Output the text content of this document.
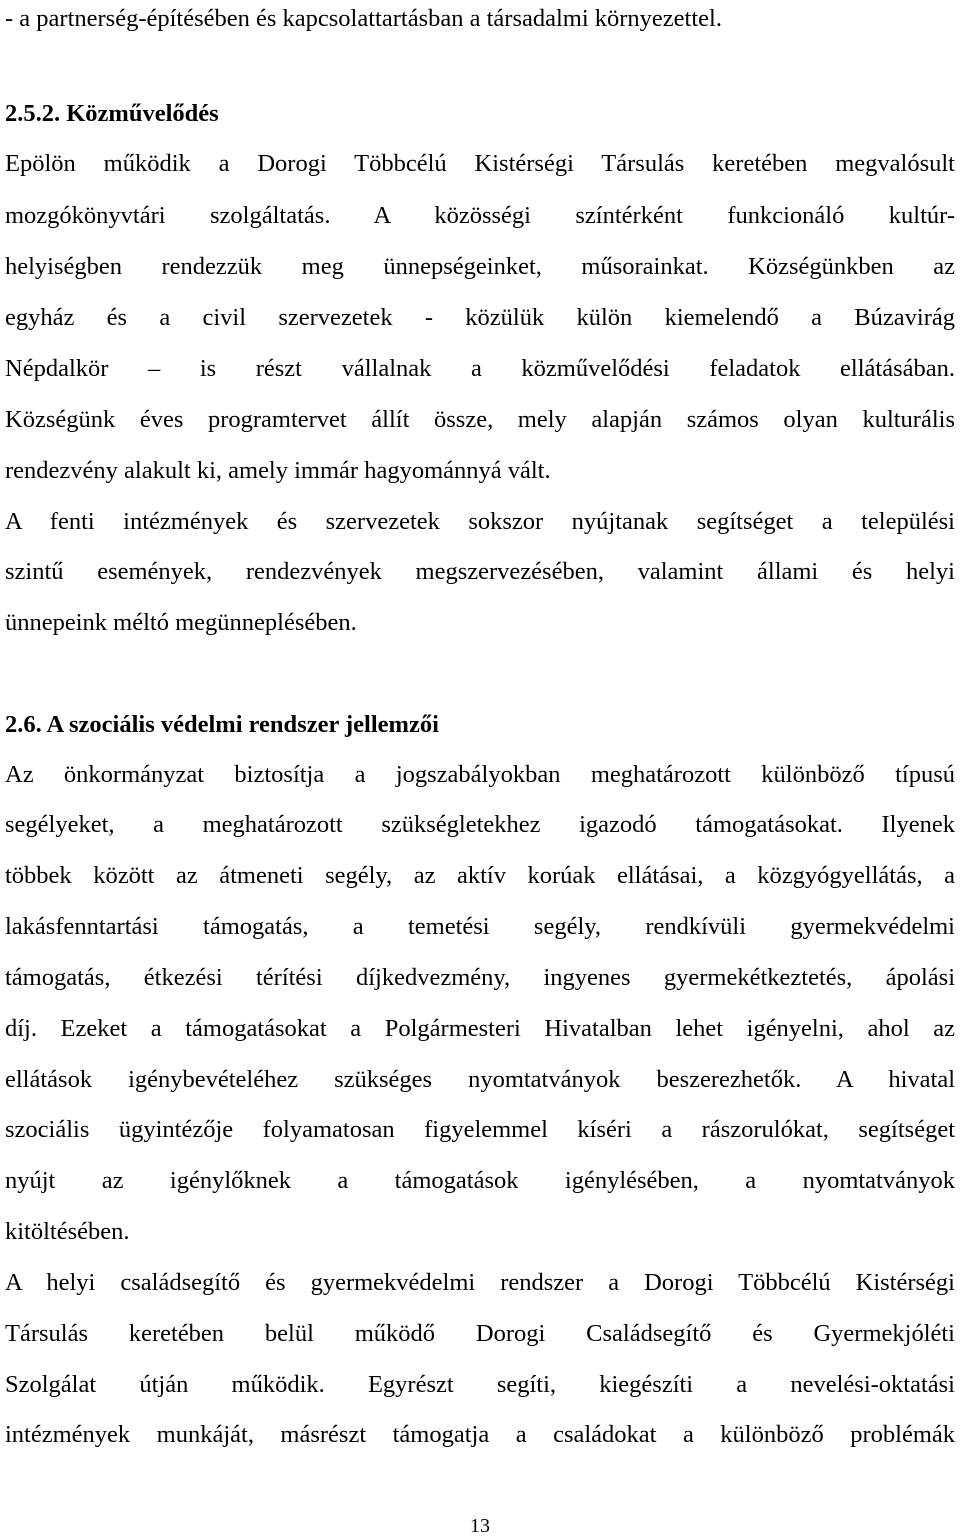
- a partnerség-építésében és kapcsolattartásban a társadalmi környezettel.
2.5.2. Közművelődés
Epölön működik a Dorogi Többcélú Kistérségi Társulás keretében megvalósult
mozgókönyvtári szolgáltatás. A közösségi színtérként funkcionáló kultúr-
helyiségben rendezzük meg ünnepségeinket, műsorainkat. Községünkben az
egyház és a civil szervezetek - közülük külön kiemelendő a Búzavirág
Népdalkör – is részt vállalnak a közművelődési feladatok ellátásában.
Községünk éves programtervet állít össze, mely alapján számos olyan kulturális
rendezvény alakult ki, amely immár hagyománnyá vált.
A fenti intézmények és szervezetek sokszor nyújtanak segítséget a települési
szintű események, rendezvények megszervezésében, valamint állami és helyi
ünnepeink méltó megünneplésében.
2.6. A szociális védelmi rendszer jellemzői
Az önkormányzat biztosítja a jogszabályokban meghatározott különböző típusú
segélyeket, a meghatározott szükségletekhez igazodó támogatásokat. Ilyenek
többek között az átmeneti segély, az aktív korúak ellátásai, a közgyógyellátás, a
lakásfenntartási támogatás, a temetési segély, rendkívüli gyermekvédelmi
támogatás, étkezési térítési díjkedvezmény, ingyenes gyermekétkeztetés, ápolási
díj. Ezeket a támogatásokat a Polgármesteri Hivatalban lehet igényelni, ahol az
ellátások igénybevételéhez szükséges nyomtatványok beszerezhetők. A hivatal
szociális ügyintézője folyamatosan figyelemmel kíséri a rászorulókat, segítséget
nyújt az igénylőknek a támogatások igénylésében, a nyomtatványok
kitöltésében.
A helyi családsegítő és gyermekvédelmi rendszer a Dorogi Többcélú Kistérségi
Társulás keretében belül működő Dorogi Családsegítő és Gyermekjóléti
Szolgálat útján működik. Egyrészt segíti, kiegészíti a nevelési-oktatási
intézmények munkáját, másrészt támogatja a családokat a különböző problémák
13
